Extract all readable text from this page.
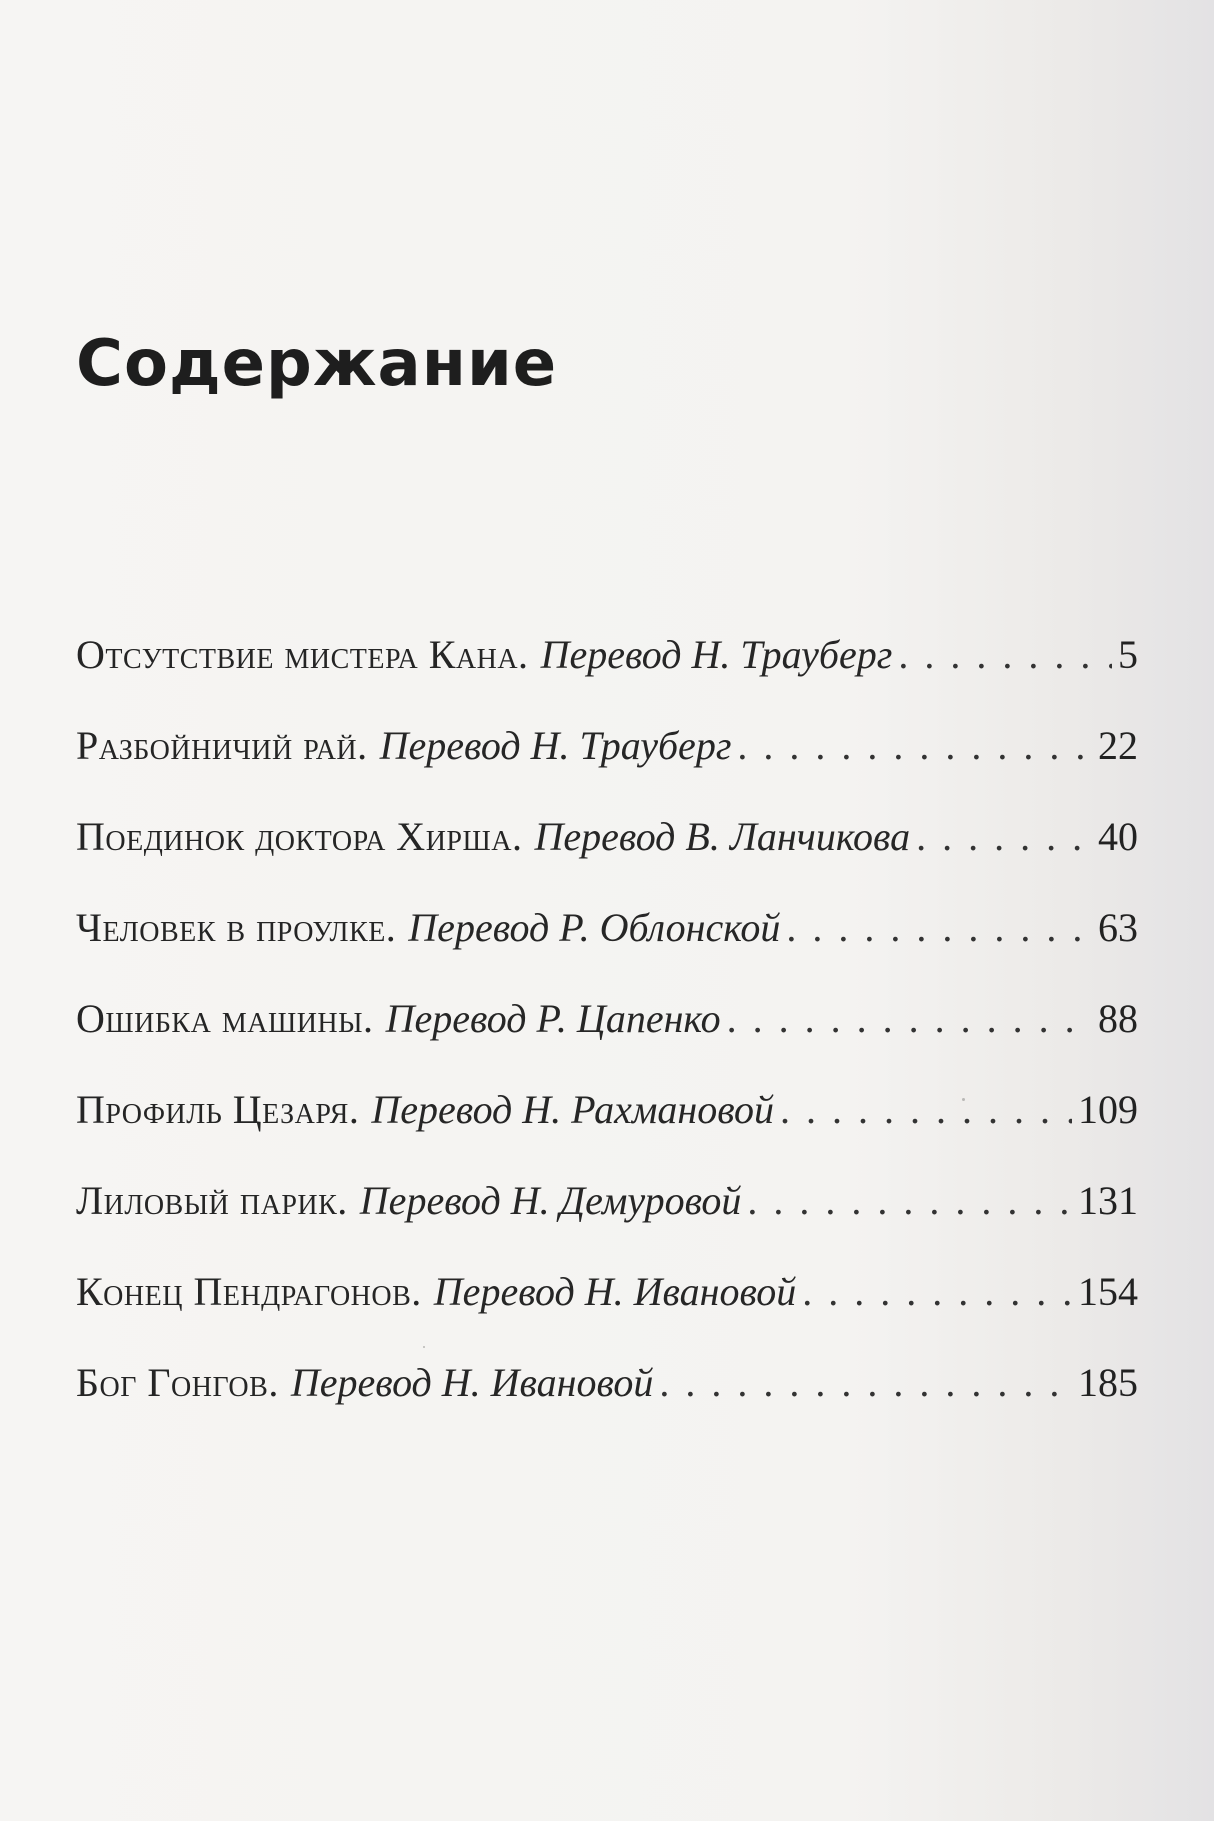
Содержание
Отсутствие мистера Кана. Перевод Н. Трауберг . . .	5
Разбойничий рай. Перевод Н. Трауберг . . .	22
Поединок доктора Хирша. Перевод В. Ланчикова . . .	40
Человек в проулке. Перевод Р. Облонской . . .	63
Ошибка машины. Перевод Р. Цапенко . . .	88
Профиль Цезаря. Перевод Н. Рахмановой . . .	109
Лиловый парик. Перевод Н. Демуровой . . .	131
Конец Пендрагонов. Перевод Н. Ивановой . . .	154
Бог Гонгов. Перевод Н. Ивановой . . .	185
